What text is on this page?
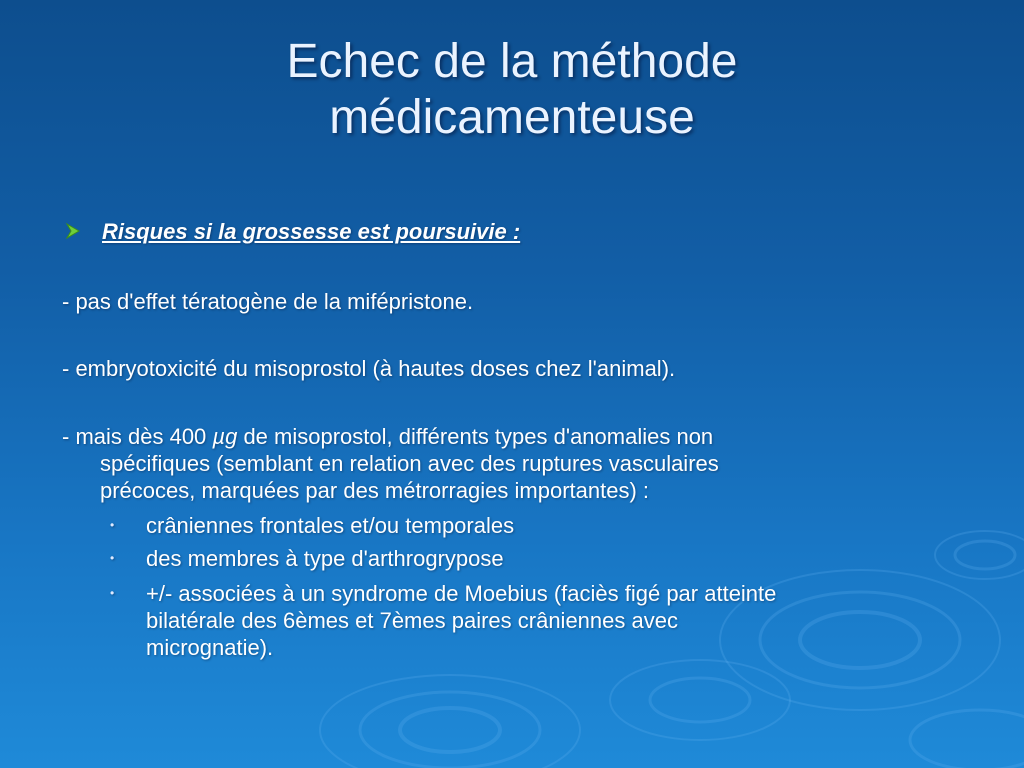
Echec de la méthode
médicamenteuse
Risques si la grossesse est poursuivie :
- pas d'effet tératogène de la mifépristone.
- embryotoxicité du misoprostol (à hautes doses chez l'animal).
- mais dès 400 µg de misoprostol, différents types d'anomalies non
spécifiques (semblant en relation avec des ruptures vasculaires
précoces, marquées par des métrorragies importantes) :
•	crâniennes frontales et/ou temporales
•	des membres à type d'arthrogrypose
•	+/- associées à un syndrome de Moebius (faciès figé par atteinte
bilatérale des 6èmes et 7èmes paires crâniennes avec
micrognatie).
